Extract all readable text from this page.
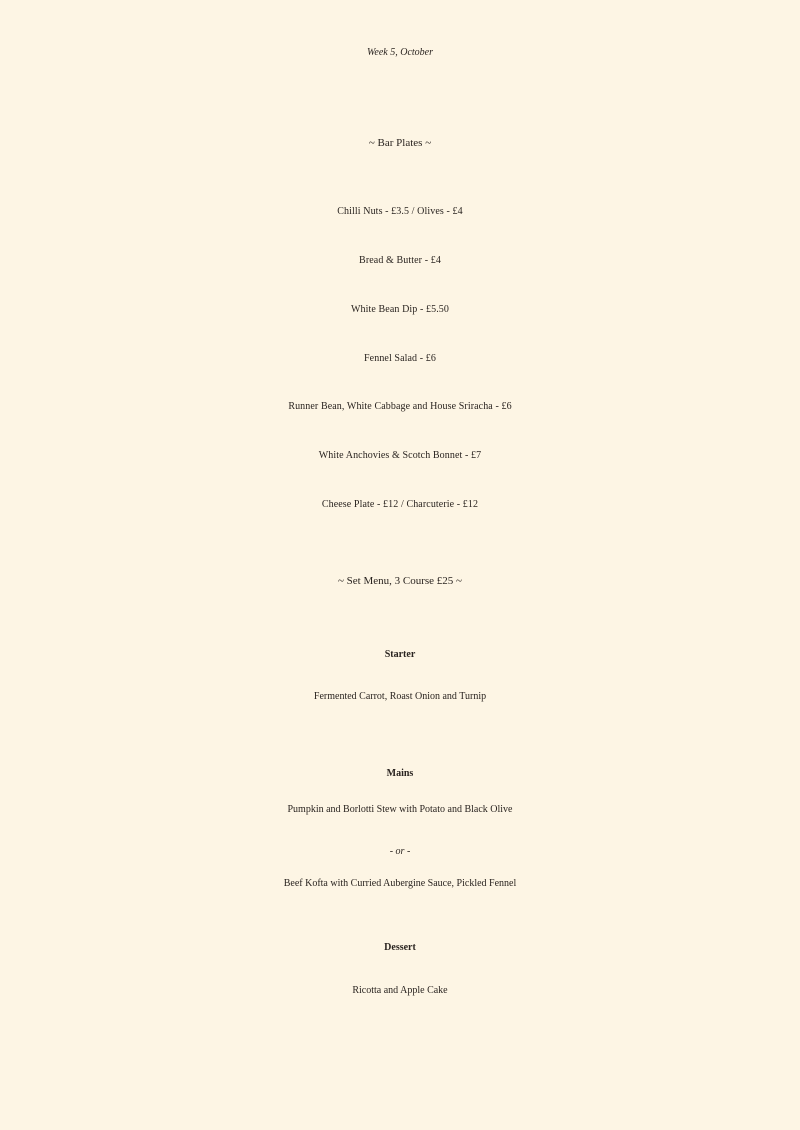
Week 5, October
~ Bar Plates ~
Chilli Nuts - £3.5 / Olives - £4
Bread & Butter - £4
White Bean Dip - £5.50
Fennel Salad - £6
Runner Bean, White Cabbage and House Sriracha - £6
White Anchovies & Scotch Bonnet - £7
Cheese Plate - £12 / Charcuterie - £12
~ Set Menu, 3 Course £25 ~
Starter
Fermented Carrot, Roast Onion and Turnip
Mains
Pumpkin and Borlotti Stew with Potato and Black Olive
- or -
Beef Kofta with Curried Aubergine Sauce, Pickled Fennel
Dessert
Ricotta and Apple Cake
